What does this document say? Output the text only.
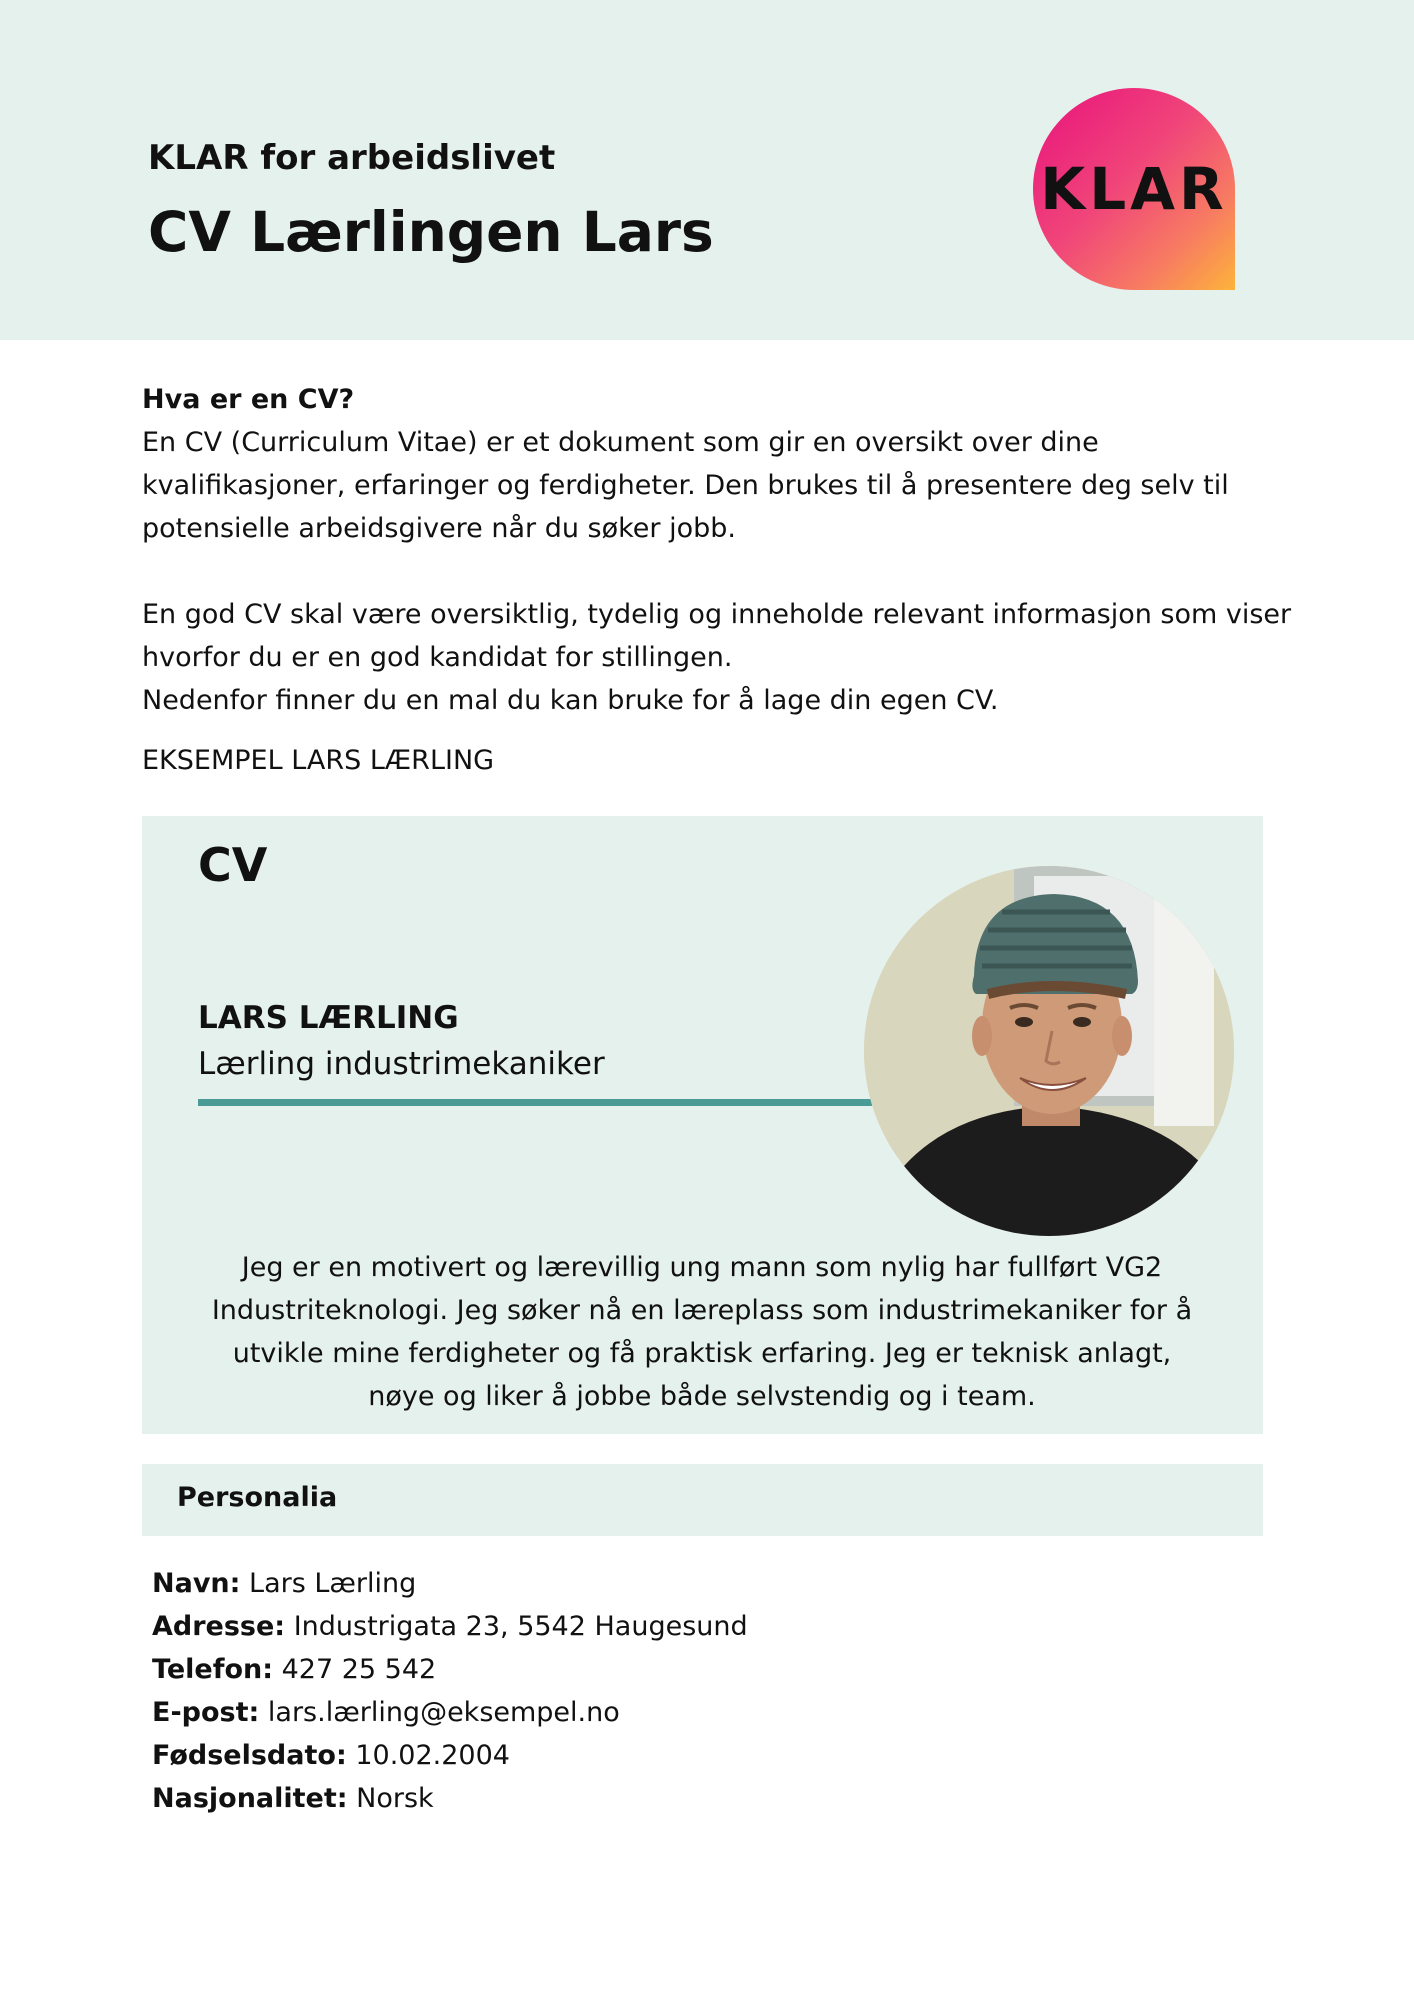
KLAR for arbeidslivet
CV Lærlingen Lars
KLAR

Hva er en CV?

En CV (Curriculum Vitae) er et dokument som gir en oversikt over dine kvalifikasjoner, erfaringer og ferdigheter. Den brukes til å presentere deg selv til potensielle arbeidsgivere når du søker jobb.

En god CV skal være oversiktlig, tydelig og inneholde relevant informasjon som viser hvorfor du er en god kandidat for stillingen.

Nedenfor finner du en mal du kan bruke for å lage din egen CV.

EKSEMPEL LARS LÆRLING
CV
LARS LÆRLING
Lærling industrimekaniker
Jeg er en motivert og lærevillig ung mann som nylig har fullført VG2 Industriteknologi. Jeg søker nå en læreplass som industrimekaniker for å utvikle mine ferdigheter og få praktisk erfaring. Jeg er teknisk anlagt, nøye og liker å jobbe både selvstendig og i team.
Personalia
Navn: Lars Lærling
Adresse: Industrigata 23, 5542 Haugesund
Telefon: 427 25 542
E-post: lars.lærling@eksempel.no
Fødselsdato: 10.02.2004
Nasjonalitet: Norsk
